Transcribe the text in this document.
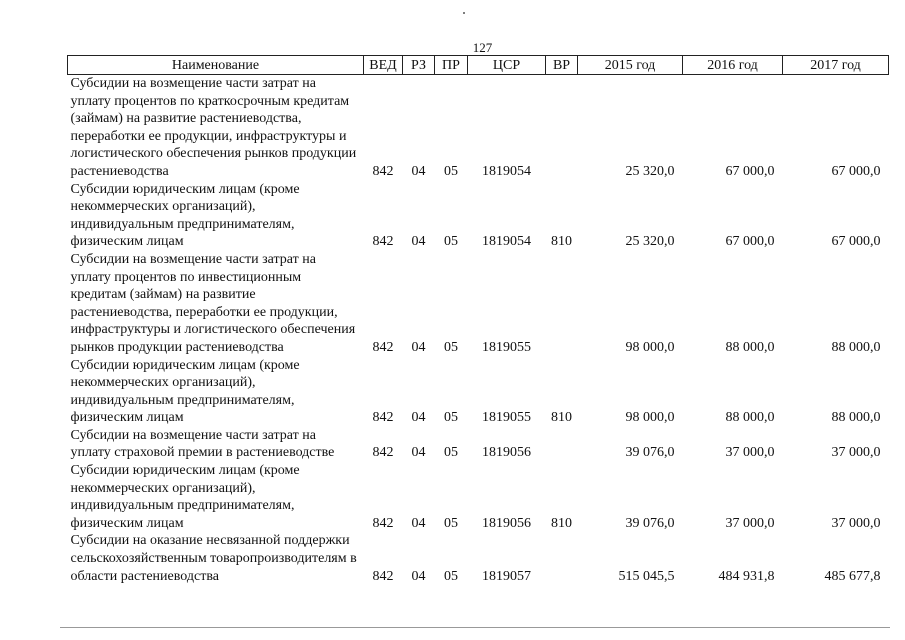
127
Наименование	ВЕД	РЗ	ПР	ЦСР	ВР	2015 год	2016 год	2017 год
Субсидии на возмещение части затрат на уплату процентов по краткосрочным кредитам (займам) на развитие растениеводства, переработки ее продукции, инфраструктуры и логистического обеспечения рынков продукции растениеводства	842	04	05	1819054		25 320,0	67 000,0	67 000,0
Субсидии юридическим лицам (кроме некоммерческих организаций), индивидуальным предпринимателям, физическим лицам	842	04	05	1819054	810	25 320,0	67 000,0	67 000,0
Субсидии на возмещение части затрат на уплату процентов по инвестиционным кредитам (займам) на развитие растениеводства, переработки ее продукции, инфраструктуры и логистического обеспечения рынков продукции растениеводства	842	04	05	1819055		98 000,0	88 000,0	88 000,0
Субсидии юридическим лицам (кроме некоммерческих организаций), индивидуальным предпринимателям, физическим лицам	842	04	05	1819055	810	98 000,0	88 000,0	88 000,0
Субсидии на возмещение части затрат на уплату страховой премии в растениеводстве	842	04	05	1819056		39 076,0	37 000,0	37 000,0
Субсидии юридическим лицам (кроме некоммерческих организаций), индивидуальным предпринимателям, физическим лицам	842	04	05	1819056	810	39 076,0	37 000,0	37 000,0
Субсидии на оказание несвязанной поддержки сельскохозяйственным товаропроизводителям в области растениеводства	842	04	05	1819057		515 045,5	484 931,8	485 677,8
